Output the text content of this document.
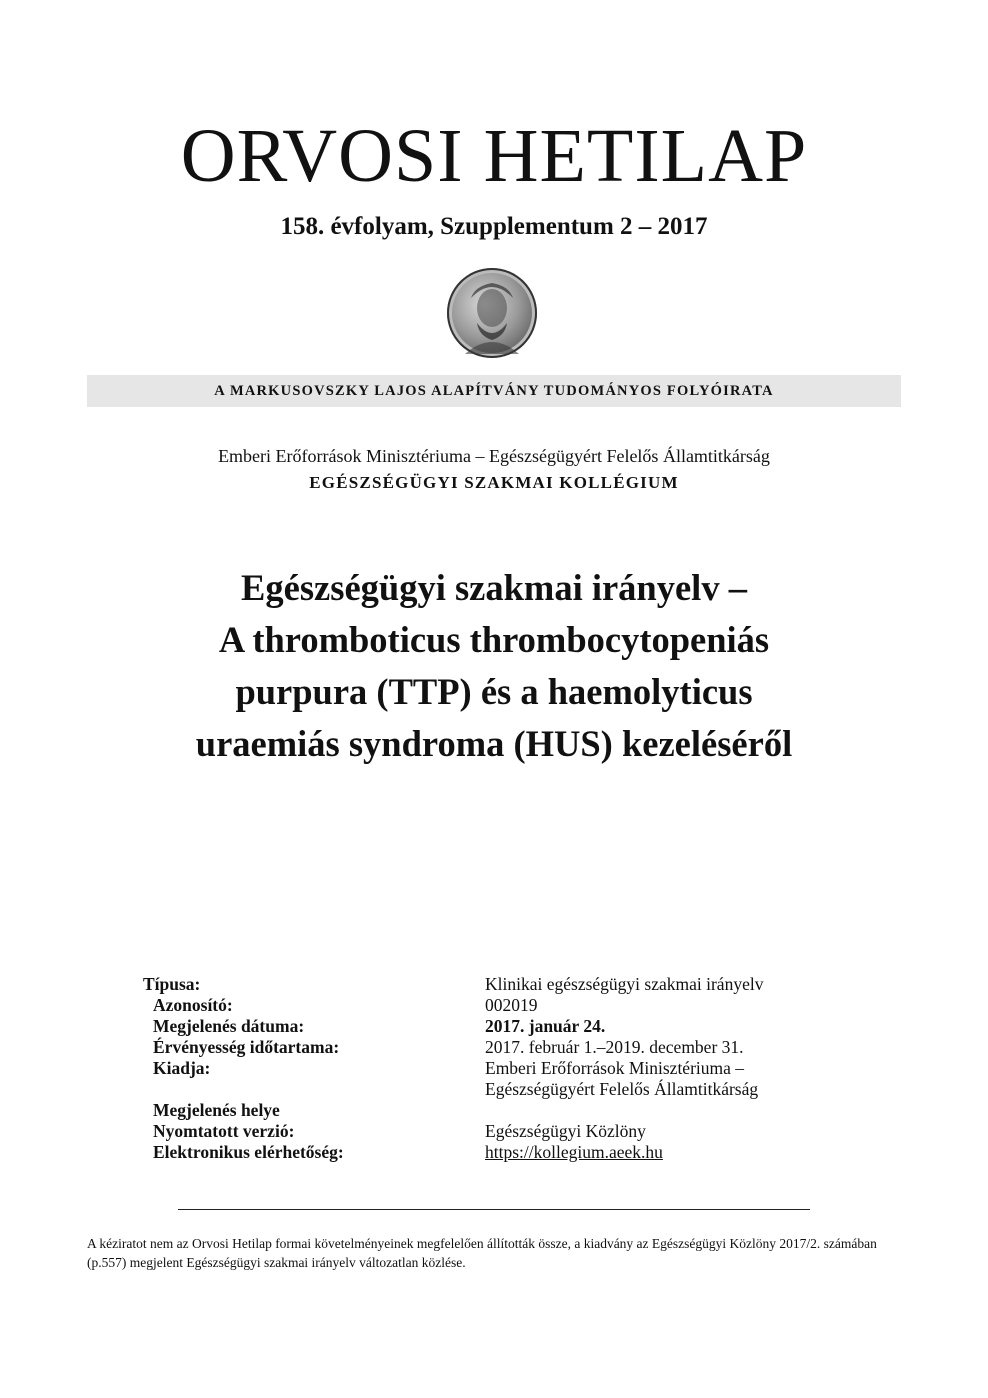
ORVOSI HETILAP
158. évfolyam, Szupplementum 2 – 2017
A MARKUSOVSZKY LAJOS ALAPÍTVÁNY TUDOMÁNYOS FOLYÓIRATA
Emberi Erőforrások Minisztériuma – Egészségügyért Felelős Államtitkárság
EGÉSZSÉGÜGYI SZAKMAI KOLLÉGIUM
Egészségügyi szakmai irányelv –
A thromboticus thrombocytopeniás
purpura (TTP) és a haemolyticus
uraemiás syndroma (HUS) kezeléséről
Típusa:	Klinikai egészségügyi szakmai irányelv
Azonosító:	002019
Megjelenés dátuma:	2017. január 24.
Érvényesség időtartama:	2017. február 1.–2019. december 31.
Kiadja:	Emberi Erőforrások Minisztériuma –
Egészségügyért Felelős Államtitkárság
Megjelenés helye
Nyomtatott verzió:	Egészségügyi Közlöny
Elektronikus elérhetőség:	https://kollegium.aeek.hu
A kéziratot nem az Orvosi Hetilap formai követelményeinek megfelelően állították össze, a kiadvány az Egészségügyi Közlöny 2017/2. számában (p.557) megjelent Egészségügyi szakmai irányelv változatlan közlése.
